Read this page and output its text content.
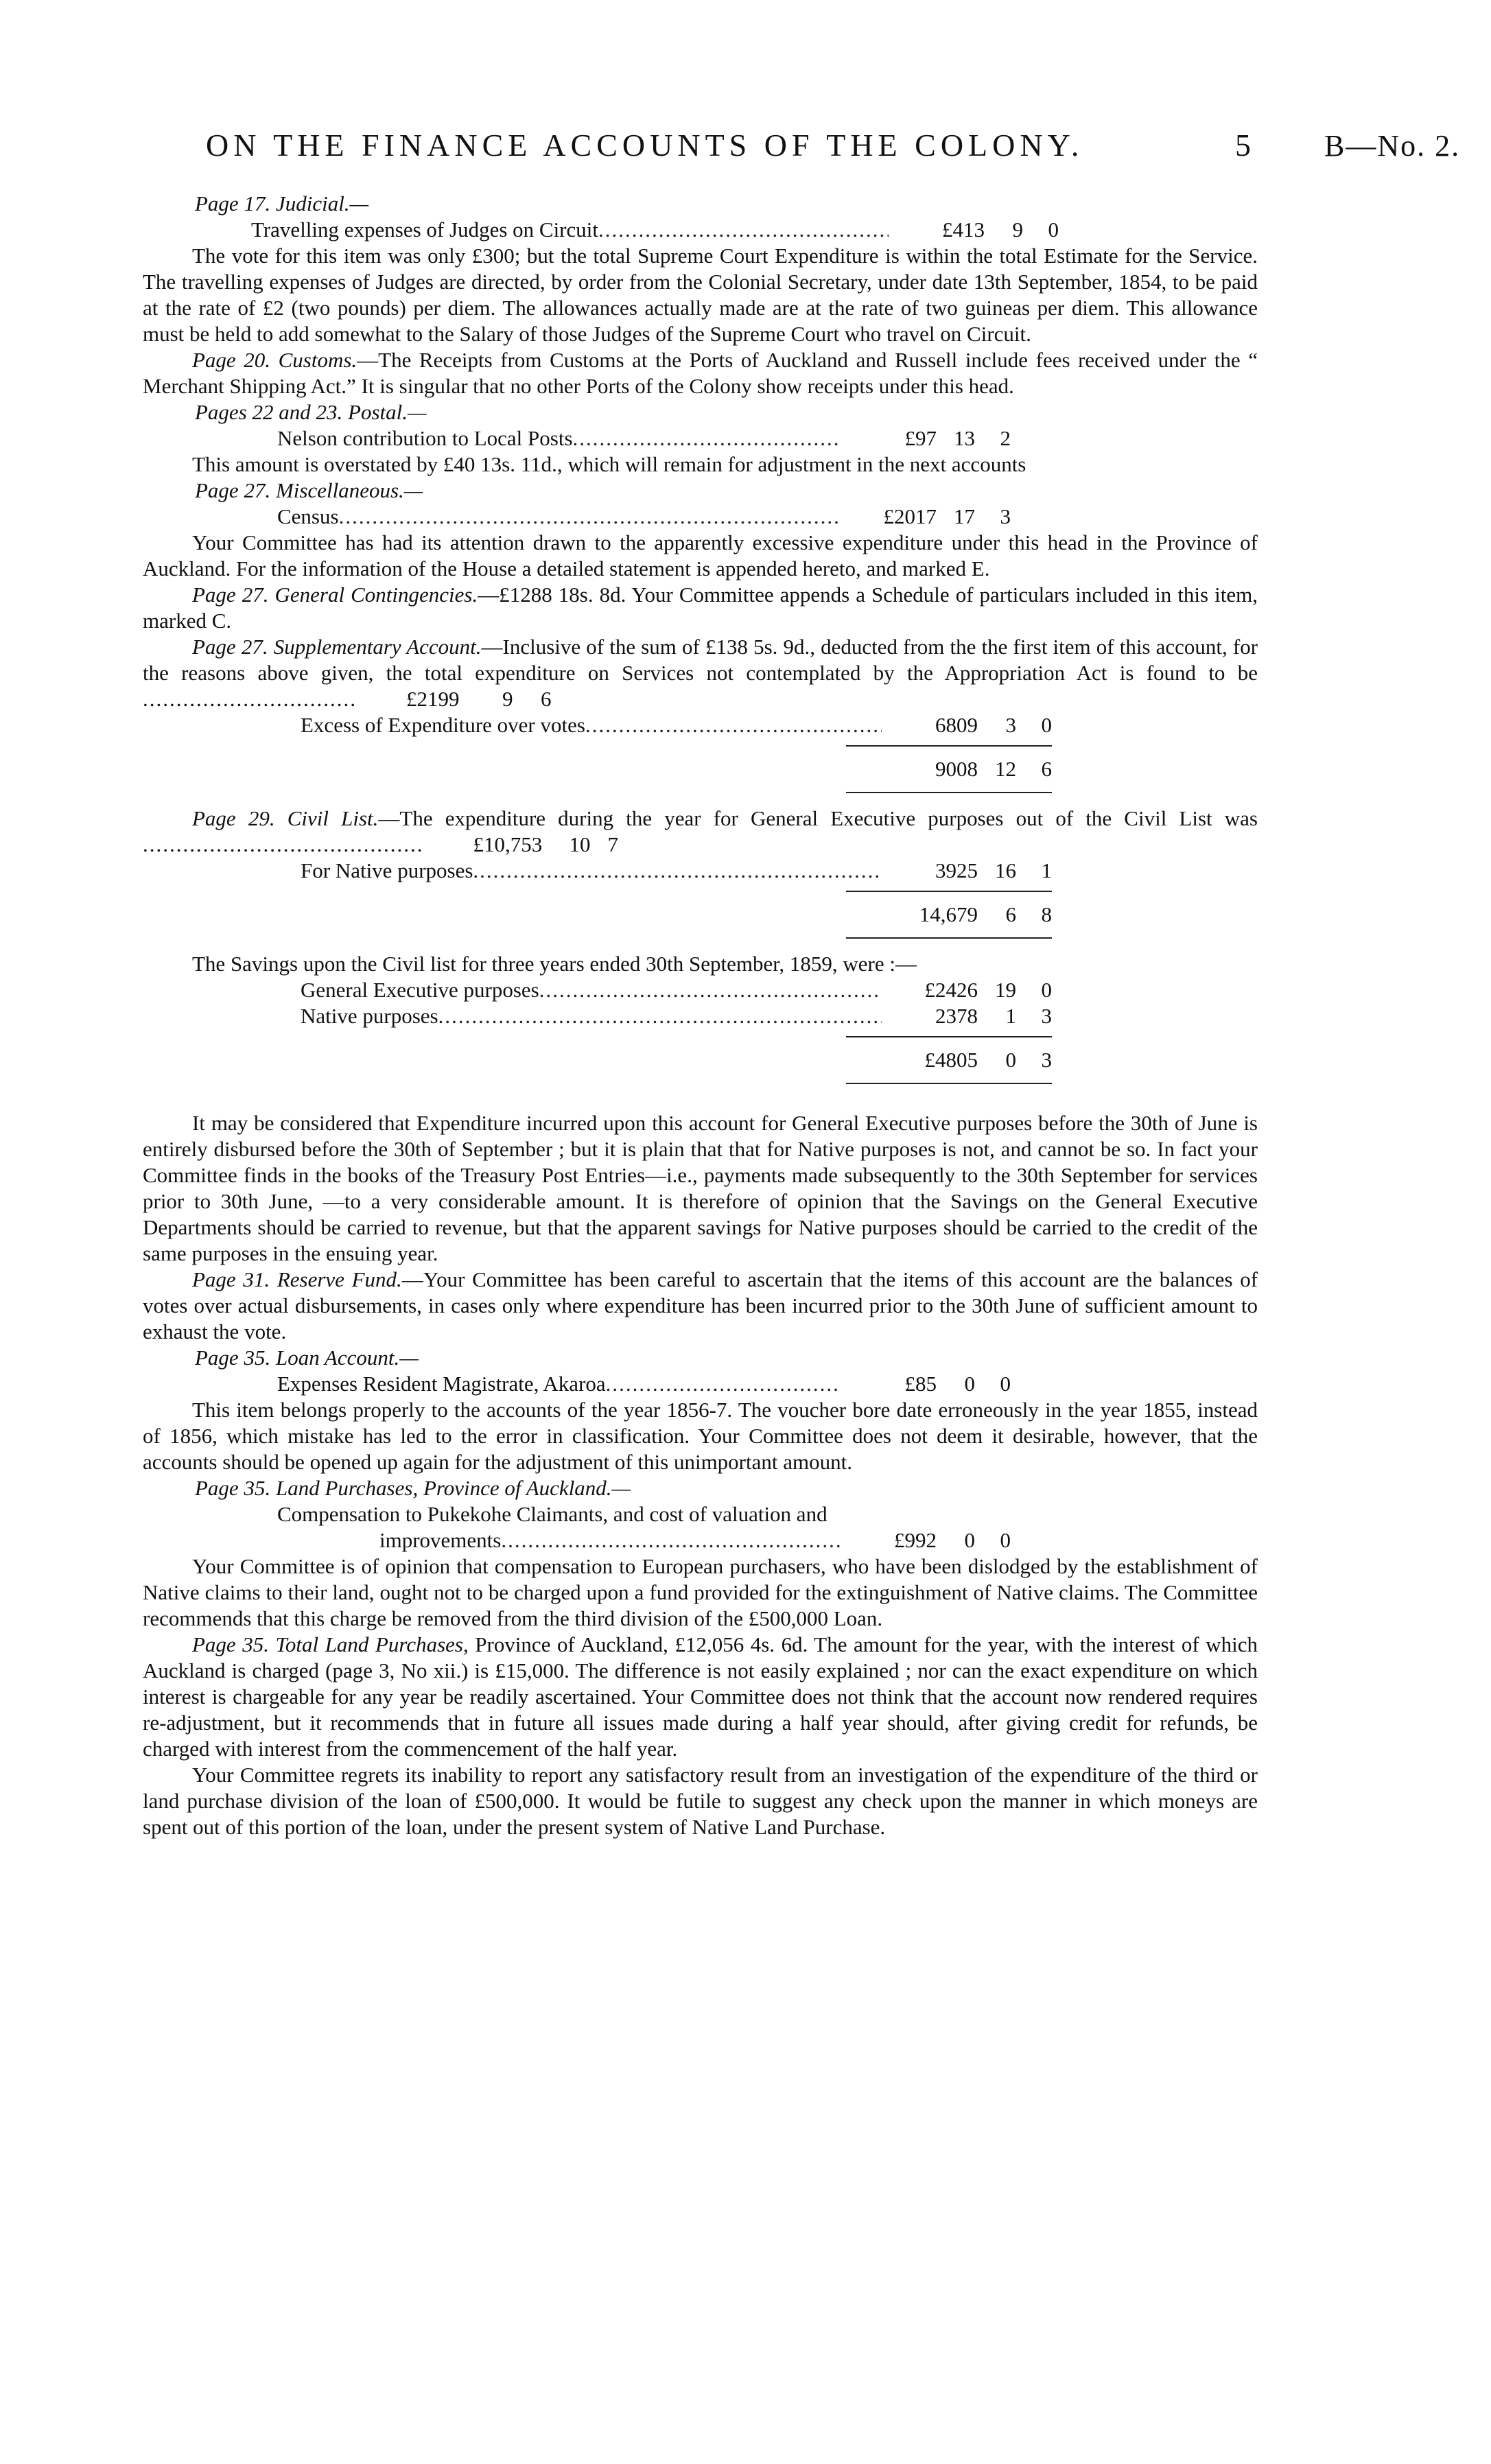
ON THE FINANCE ACCOUNTS OF THE COLONY.	5 B—No. 2.

Page 17. Judicial.—

Travelling expenses of Judges on Circuit .....	£413	9	0

The vote for this item was only £300; but the total Supreme Court Expenditure is within the total Estimate for the Service. The travelling expenses of Judges are directed, by order from the Colonial Secretary, under date 13th September, 1854, to be paid at the rate of £2 (two pounds) per diem. The allowances actually made are at the rate of two guineas per diem. This allowance must be held to add somewhat to the Salary of those Judges of the Supreme Court who travel on Circuit.

Page 20. Customs.—The Receipts from Customs at the Ports of Auckland and Russell include fees received under the “ Merchant Shipping Act.” It is singular that no other Ports of the Colony show receipts under this head.

Pages 22 and 23. Postal.—

Nelson contribution to Local Posts .....	£97 13	2

This amount is overstated by £40 13s. 11d., which will remain for adjustment in the next accounts

Page 27. Miscellaneous.—

Census .....	£2017 17	3

Your Committee has had its attention drawn to the apparently excessive expenditure under this head in the Province of Auckland. For the information of the House a detailed statement is appended hereto, and marked E.

Page 27. General Contingencies.—£1288 18s. 8d. Your Committee appends a Schedule of particulars included in this item, marked C.

Page 27. Supplementary Account.—Inclusive of the sum of £138 5s. 9d., deducted from the the first item of this account, for the reasons above given, the total expenditure on Services not contemplated by the Appropriation Act is found to be ................................	£2199	9	6

Excess of Expenditure over votes .....	6809	3	0
9008 12	6

Page 29. Civil List.—The expenditure during the year for General Executive purposes out of the Civil List was ..........................................	£10,753	10 7

For Native purposes .....	3925 16	1
14,679	6	8

The Savings upon the Civil list for three years ended 30th September, 1859, were :—

General Executive purposes .....	£2426 19	0
Native purposes .....	2378	1	3
£4805	0	3

It may be considered that Expenditure incurred upon this account for General Executive purposes before the 30th of June is entirely disbursed before the 30th of September ; but it is plain that that for Native purposes is not, and cannot be so. In fact your Committee finds in the books of the Treasury Post Entries—i.e., payments made subsequently to the 30th September for services prior to 30th June, —to a very considerable amount. It is therefore of opinion that the Savings on the General Executive Departments should be carried to revenue, but that the apparent savings for Native purposes should be carried to the credit of the same purposes in the ensuing year.

Page 31. Reserve Fund.—Your Committee has been careful to ascertain that the items of this account are the balances of votes over actual disbursements, in cases only where expenditure has been incurred prior to the 30th June of sufficient amount to exhaust the vote.

Page 35. Loan Account.—

Expenses Resident Magistrate, Akaroa .....	£85	0	0

This item belongs properly to the accounts of the year 1856-7. The voucher bore date erroneously in the year 1855, instead of 1856, which mistake has led to the error in classification. Your Committee does not deem it desirable, however, that the accounts should be opened up again for the adjustment of this unimportant amount.

Page 35. Land Purchases, Province of Auckland.—

Compensation to Pukekohe Claimants, and cost of valuation and

improvements .....	£992	0	0

Your Committee is of opinion that compensation to European purchasers, who have been dislodged by the establishment of Native claims to their land, ought not to be charged upon a fund provided for the extinguishment of Native claims. The Committee recommends that this charge be removed from the third division of the £500,000 Loan.

Page 35. Total Land Purchases, Province of Auckland, £12,056 4s. 6d. The amount for the year, with the interest of which Auckland is charged (page 3, No xii.) is £15,000. The difference is not easily explained ; nor can the exact expenditure on which interest is chargeable for any year be readily ascertained. Your Committee does not think that the account now rendered requires re-adjustment, but it recommends that in future all issues made during a half year should, after giving credit for refunds, be charged with interest from the commencement of the half year.

Your Committee regrets its inability to report any satisfactory result from an investigation of the expenditure of the third or land purchase division of the loan of £500,000. It would be futile to suggest any check upon the manner in which moneys are spent out of this portion of the loan, under the present system of Native Land Purchase.
